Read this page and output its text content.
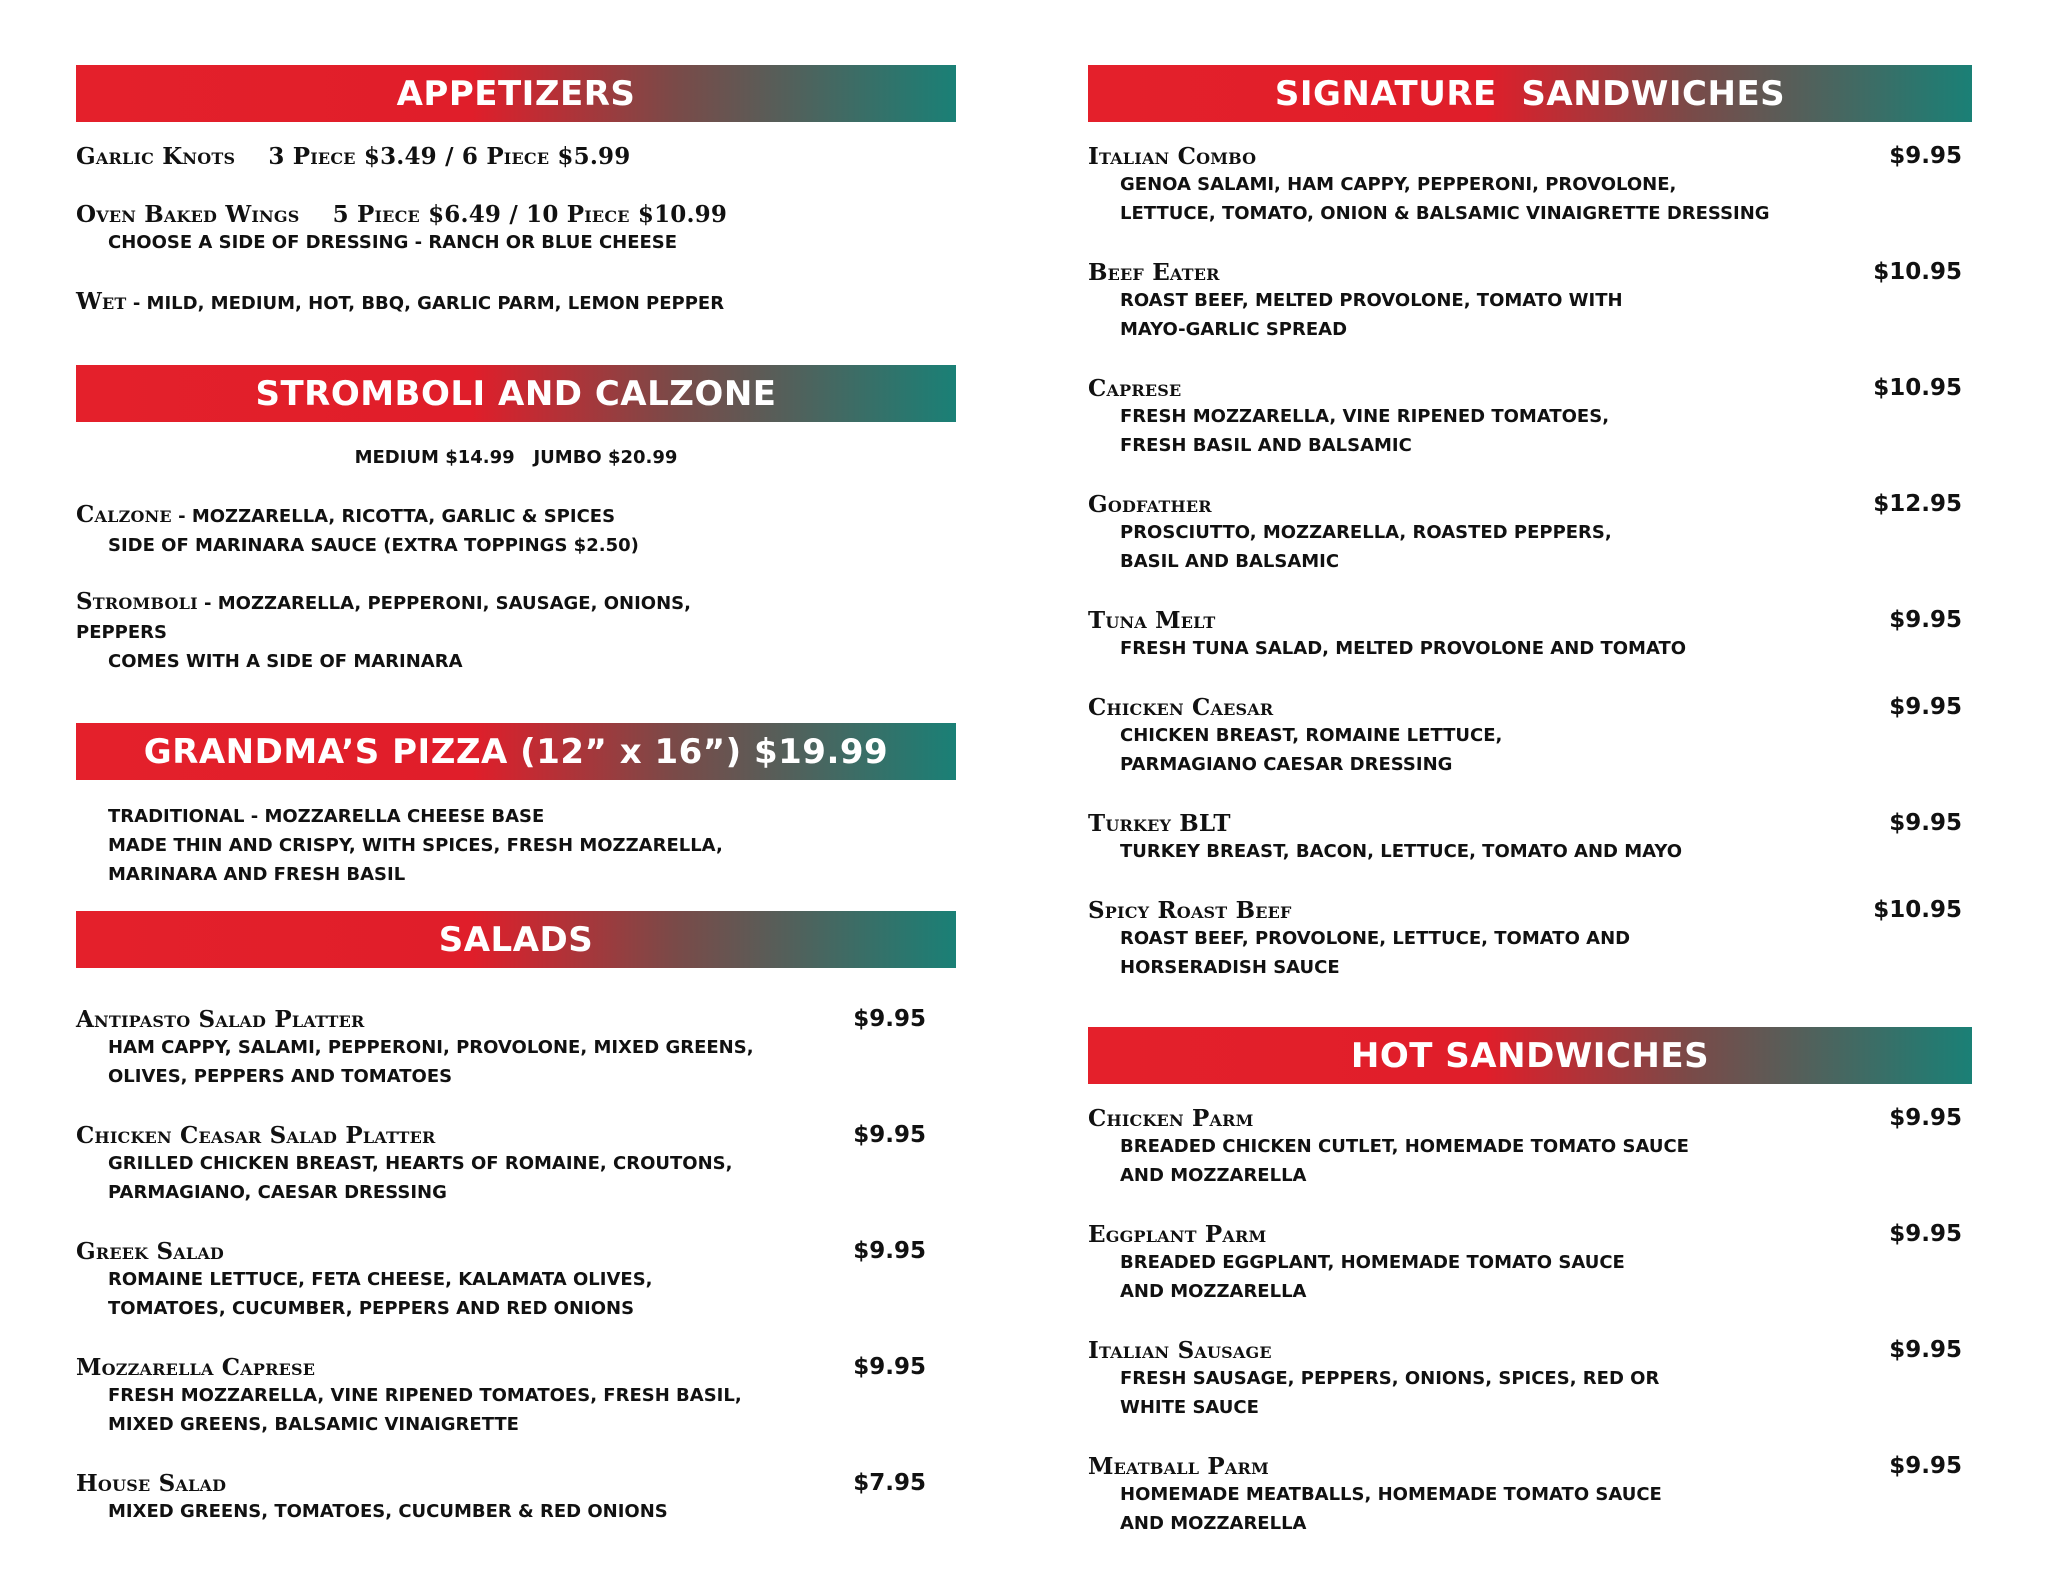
APPETIZERS
Garlic Knots 3 Piece $3.49 / 6 Piece $5.99
Oven Baked Wings 5 Piece $6.49 / 10 Piece $10.99
CHOOSE A SIDE OF DRESSING - RANCH OR BLUE CHEESE
Wet - MILD, MEDIUM, HOT, BBQ, GARLIC PARM, LEMON PEPPER
STROMBOLI AND CALZONE
MEDIUM $14.99   JUMBO $20.99
Calzone - MOZZARELLA, RICOTTA, GARLIC & SPICES
SIDE OF MARINARA SAUCE (EXTRA TOPPINGS $2.50)
Stromboli - MOZZARELLA, PEPPERONI, SAUSAGE, ONIONS,
PEPPERS
COMES WITH A SIDE OF MARINARA
GRANDMA’S PIZZA (12” x 16”) $19.99
TRADITIONAL - MOZZARELLA CHEESE BASE
MADE THIN AND CRISPY, WITH SPICES, FRESH MOZZARELLA,
MARINARA AND FRESH BASIL
SALADS
Antipasto Salad Platter	$9.95
HAM CAPPY, SALAMI, PEPPERONI, PROVOLONE, MIXED GREENS,
OLIVES, PEPPERS AND TOMATOES
Chicken Ceasar Salad Platter	$9.95
GRILLED CHICKEN BREAST, HEARTS OF ROMAINE, CROUTONS,
PARMAGIANO, CAESAR DRESSING
Greek Salad	$9.95
ROMAINE LETTUCE, FETA CHEESE, KALAMATA OLIVES,
TOMATOES, CUCUMBER, PEPPERS AND RED ONIONS
Mozzarella Caprese	$9.95
FRESH MOZZARELLA, VINE RIPENED TOMATOES, FRESH BASIL,
MIXED GREENS, BALSAMIC VINAIGRETTE
House Salad	$7.95
MIXED GREENS, TOMATOES, CUCUMBER & RED ONIONS
SIGNATURE  SANDWICHES
Italian Combo	$9.95
GENOA SALAMI, HAM CAPPY, PEPPERONI, PROVOLONE,
LETTUCE, TOMATO, ONION & BALSAMIC VINAIGRETTE DRESSING
Beef Eater	$10.95
ROAST BEEF, MELTED PROVOLONE, TOMATO WITH
MAYO-GARLIC SPREAD
Caprese	$10.95
FRESH MOZZARELLA, VINE RIPENED TOMATOES,
FRESH BASIL AND BALSAMIC
Godfather	$12.95
PROSCIUTTO, MOZZARELLA, ROASTED PEPPERS,
BASIL AND BALSAMIC
Tuna Melt	$9.95
FRESH TUNA SALAD, MELTED PROVOLONE AND TOMATO
Chicken Caesar	$9.95
CHICKEN BREAST, ROMAINE LETTUCE,
PARMAGIANO CAESAR DRESSING
Turkey BLT	$9.95
TURKEY BREAST, BACON, LETTUCE, TOMATO AND MAYO
Spicy Roast Beef	$10.95
ROAST BEEF, PROVOLONE, LETTUCE, TOMATO AND
HORSERADISH SAUCE
HOT SANDWICHES
Chicken Parm	$9.95
BREADED CHICKEN CUTLET, HOMEMADE TOMATO SAUCE
AND MOZZARELLA
Eggplant Parm	$9.95
BREADED EGGPLANT, HOMEMADE TOMATO SAUCE
AND MOZZARELLA
Italian Sausage	$9.95
FRESH SAUSAGE, PEPPERS, ONIONS, SPICES, RED OR
WHITE SAUCE
Meatball Parm	$9.95
HOMEMADE MEATBALLS, HOMEMADE TOMATO SAUCE
AND MOZZARELLA
